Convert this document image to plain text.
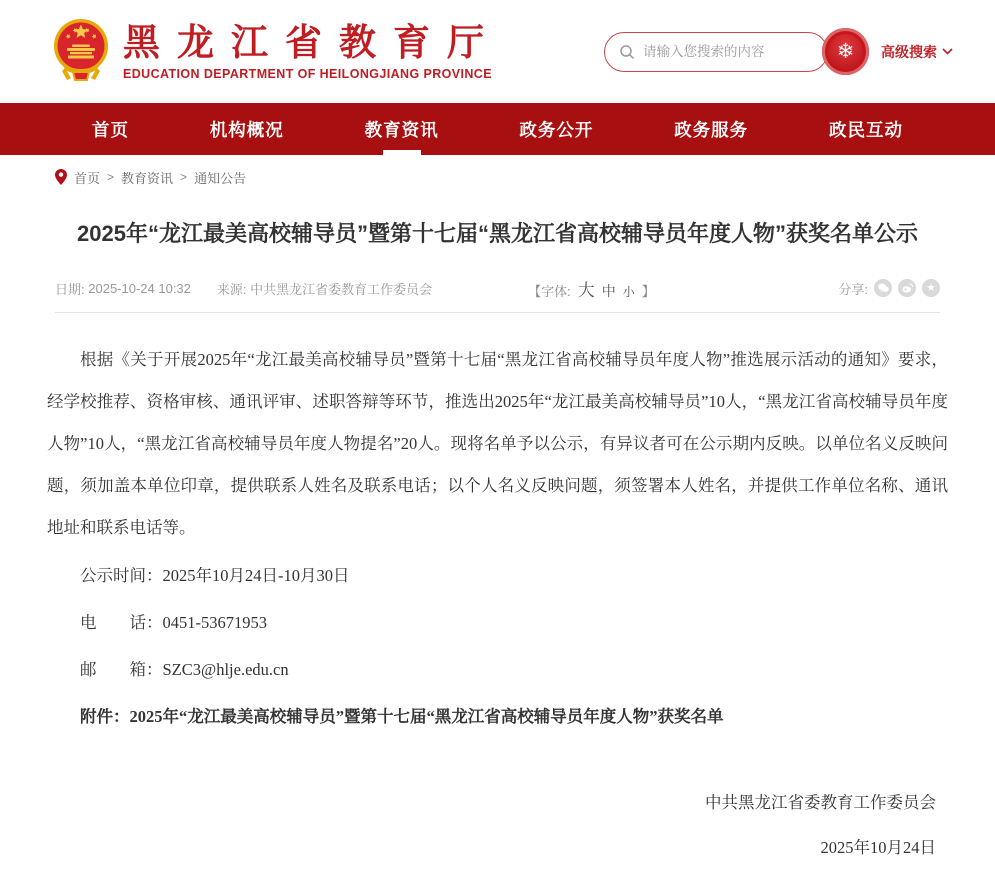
黑龙江省教育厅
EDUCATION DEPARTMENT OF HEILONGJIANG PROVINCE
请输入您搜索的内容
❄ 高级搜索
首页	机构概况	教育资讯	政务公开	政务服务	政民互动
首页 > 教育资讯 > 通知公告
2025年“龙江最美高校辅导员”暨第十七届“黑龙江省高校辅导员年度人物”获奖名单公示
日期:
2025-10-24 10:32 来源: 中共黑龙江省委教育工作委员会	【字体: 大 中 小 】	分享:	★

根据《关于开展2025年“龙江最美高校辅导员”暨第十七届“黑龙江省高校辅导员年度人物”推选展示活动的通知》要求，经学校推荐、资格审核、通讯评审、述职答辩等环节，推选出2025年“龙江最美高校辅导员”10人，“黑龙江省高校辅导员年度人物”10人，“黑龙江省高校辅导员年度人物提名”20人。现将名单予以公示，有异议者可在公示期内反映。以单位名义反映问题，须加盖本单位印章，提供联系人姓名及联系电话；以个人名义反映问题，须签署本人姓名，并提供工作单位名称、通讯地址和联系电话等。

公示时间：2025年10月24日-10月30日

电　　话：0451-53671953

邮　　箱：SZC3@hlje.edu.cn

附件：2025年“龙江最美高校辅导员”暨第十七届“黑龙江省高校辅导员年度人物”获奖名单

中共黑龙江省委教育工作委员会

2025年10月24日
